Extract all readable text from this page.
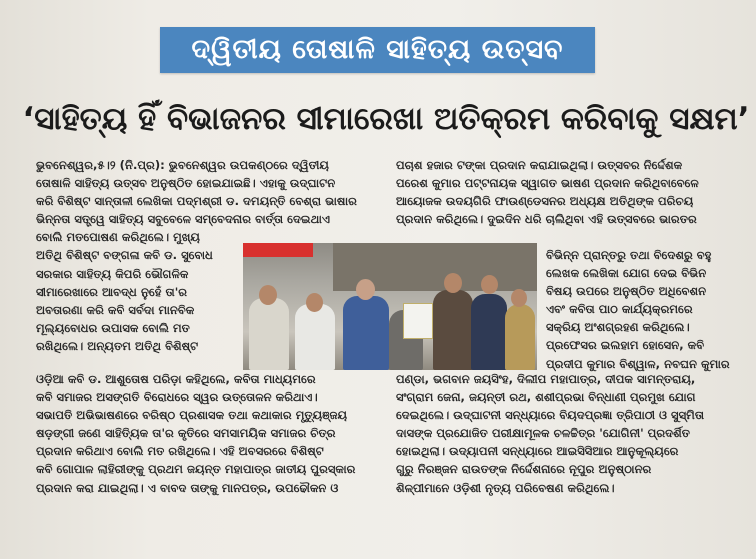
ଦ୍ୱିତୀୟ ତୋଷାଳି ସାହିତ୍ୟ ଉତ୍ସବ
‘ସାହିତ୍ୟ ହିଁ ବିଭାଜନର ସୀମାରେଖା ଅତିକ୍ରମ କରିବାକୁ ସକ୍ଷମ’
ଭୁବନେଶ୍ୱର,୫।୨ (ନି.ପ୍ର): ଭୁବନେଶ୍ୱର ଉପକଣ୍ଠରେ ଦ୍ୱିତୀୟ
ତୋଷାଳି ସାହିତ୍ୟ ଉତ୍ସବ ଅନୁଷ୍ଠିତ ହୋଇଯାଇଛି। ଏହାକୁ ଉଦ୍‌ଘାଟନ
କରି ବିଶିଷ୍ଟ ସାନ୍ତାଳୀ ଲେଖିକା ପଦ୍ମଶ୍ରୀ ଡ. ଦମୟନ୍ତି ବେଶ୍ରା ଭାଷାର
ଭିନ୍ନତା ସତ୍ତ୍ୱେ ସାହିତ୍ୟ ସବୁବେଳେ ସମ୍ବେଦନାର ବାର୍ତ୍ତା ଦେଇଥାଏ
ବୋଲି ମତପୋଷଣ କରିଥିଲେ। ମୁଖ୍ୟ
ଅତିଥି ବିଶିଷ୍ଟ ବଙ୍ଗଳା କବି ଡ. ସୁବୋଧ
ସରକାର ସାହିତ୍ୟ କିପରି ଭୌଗଳିକ
ସୀମାରେଖାରେ ଆବଦ୍ଧ ନୁହେଁ ତା'ର
ଅବତାରଣା କରି କବି ସର୍ବଦା ମାନବିକ
ମୂଲ୍ୟବୋଧର ଉପାସକ ବୋଲି ମତ
ରଖିଥିଲେ। ଅନ୍ୟତମ ଅତିଥି ବିଶିଷ୍ଟ
ପଚାଶ ହଜାର ଟଙ୍କା ପ୍ରଦାନ କରାଯାଇଥିଲା। ଉତ୍ସବର ନିର୍ଦ୍ଦେଶକ
ପରେଶ କୁମାର ପଟ୍ଟନାୟକ ସ୍ୱାଗତ ଭାଷଣ ପ୍ରଦାନ କରିଥିବାବେଳେ
ଆୟୋଜକ ଉଦୟଗିରି ଫାଉଣ୍ଡେସନର ଅଧ୍ୟକ୍ଷ ଅତିଥିଙ୍କ ପରିଚୟ
ପ୍ରଦାନ କରିଥିଲେ। ଦୁଇଦିନ ଧରି ଚାଲିଥିବା ଏହି ଉତ୍ସବରେ ଭାରତର
ବିଭିନ୍ନ ପ୍ରାନ୍ତରୁ ତଥା ବିଦେଶରୁ ବହୁ
ଲେଖକ ଲେଖିକା ଯୋଗ ଦେଇ ବିଭିନ
ବିଷୟ ଉପରେ ଅନୁଷ୍ଠିତ ଅଧିବେଶନ
ଏବଂ କବିତା ପାଠ କାର୍ଯ୍ୟକ୍ରମରେ
ସକ୍ରିୟ ଅଂଶଗ୍ରହଣ କରିଥିଲେ।
ପ୍ରଫେସର ଇଲହାମ ହୋସେନ, କବି
ପ୍ରଦୀପ କୁମାର ବିଶ୍ୱାଳ, ନବଘନ କୁମାର
ଓଡ଼ିଆ କବି ଡ. ଆଶୁତୋଷ ପରିଡ଼ା କହିଥିଲେ, କବିତା ମାଧ୍ୟମରେ
କବି ସମାଜର ଅସଙ୍ଗତି ବିରୋଧରେ ସ୍ୱର ଉତ୍ତୋଳନ କରିଥାଏ।
ସଭାପତି ଅଭିଭାଷଣରେ ବରିଷ୍ଠ ପ୍ରଶାସକ ତଥା କଥାକାର ମୃତ୍ୟୁଞ୍ଜୟ
ଷଡ଼ଙ୍ଗୀ ଜଣେ ସାହିତ୍ୟିକ ତା'ର କୃତିରେ ସମସାମୟିକ ସମାଜର ଚିତ୍ର
ପ୍ରଦାନ କରିଥାଏ ବୋଲି ମତ ରଖିଥିଲେ। ଏହି ଅବସରରେ ବିଶିଷ୍ଟ
କବି ଗୋପାଳ ଲାହିରୀଙ୍କୁ ପ୍ରଥମ ଜୟନ୍ତ ମହାପାତ୍ର ଜାତୀୟ ପୁରସ୍କାର
ପ୍ରଦାନ କରା ଯାଇଥିଲା। ଏ ବାବଦ ତାଙ୍କୁ ମାନପତ୍ର, ଉପଢୌକନ ଓ
ପଣ୍ଡା, ଭଗବାନ ଜୟସିଂହ, ଦିଲୀପ ମହାପାତ୍ର, ଦୀପକ ସାମନ୍ତରାୟ,
ସଂଗ୍ରାମ ଜେନା, ଜୟନ୍ତୀ ରଥ, ଶଶୀପ୍ରଭା ବିନ୍ଧାଣୀ ପ୍ରମୁଖ ଯୋଗ
ଦେଇଥିଲେ। ଉଦ୍‌ଘାଟନୀ ସନ୍ଧ୍ୟାରେ ବିୟଦପ୍ରଜ୍ଞା ତ୍ରିପାଠୀ ଓ ସୁସ୍ମିତା
ଦାସଙ୍କ ପ୍ରଯୋଜିତ ପରୀକ୍ଷାମୂଳକ ଚଳଚ୍ଚିତ୍ର 'ଯୋଗିନୀ' ପ୍ରଦର୍ଶିତ
ହୋଇଥିଲା। ଉଦ୍ୟାପନୀ ସନ୍ଧ୍ୟାରେ ଆଇସିସିଆର ଆନୁକୂଲ୍ୟରେ
ଗୁରୁ ନିରଞ୍ଜନ ରାଉତଙ୍କ ନିର୍ଦ୍ଦେଶନାରେ ନୂପୁର ଅନୁଷ୍ଠାନର
ଶିଳ୍ପୀମାନେ ଓଡ଼ିଶୀ ନୃତ୍ୟ ପରିବେଷଣ କରିଥିଲେ।
